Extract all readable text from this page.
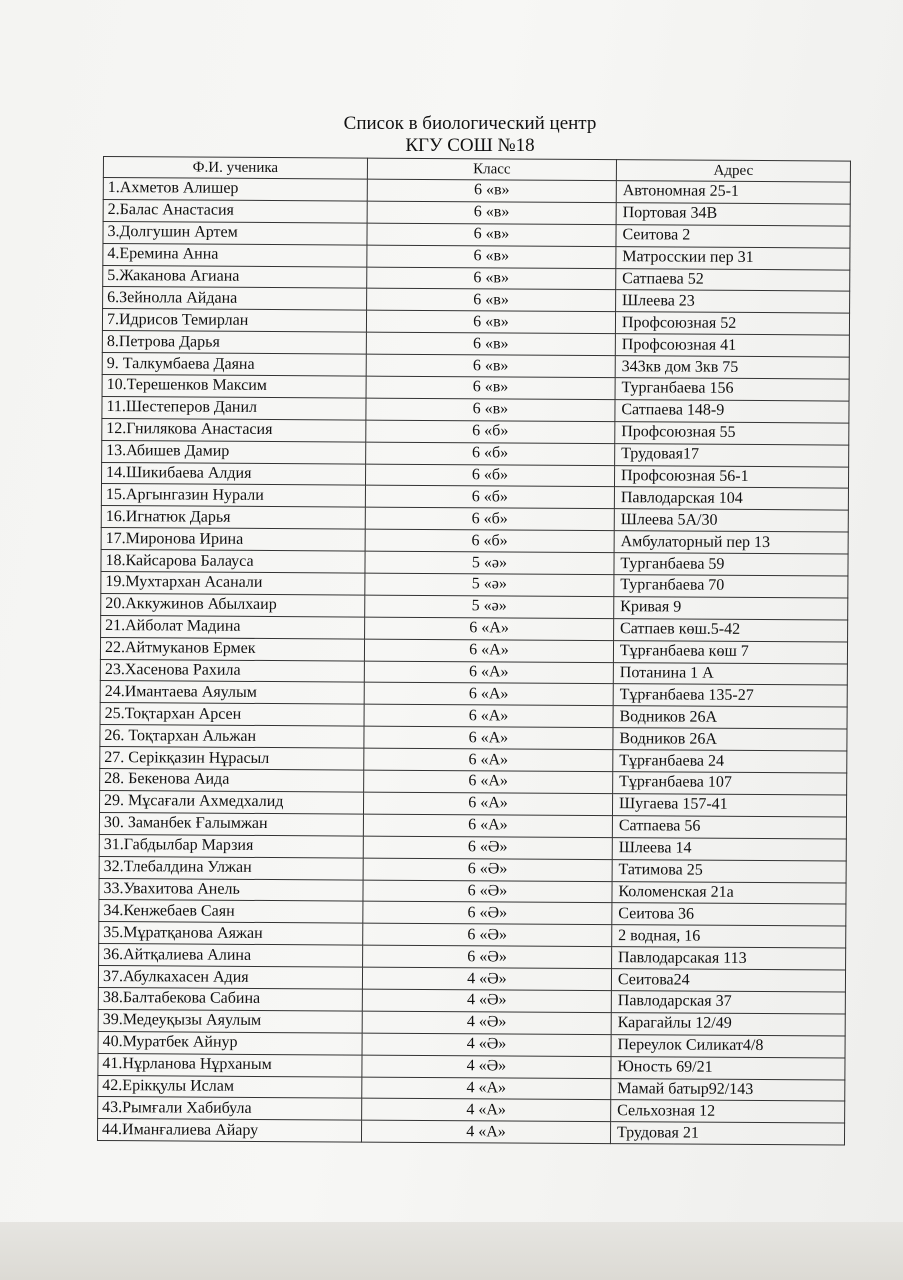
Список в биологический центр
КГУ СОШ №18
Ф.И. ученика	Класс	Адрес
1.Ахметов Алишер	6 «в»	Автономная 25-1
2.Балас Анастасия	6 «в»	Портовая 34В
3.Долгушин Артем	6 «в»	Сеитова 2
4.Еремина Анна	6 «в»	Матросскии пер 31
5.Жаканова Агиана	6 «в»	Сатпаева 52
6.Зейнолла Айдана	6 «в»	Шлеева 23
7.Идрисов Темирлан	6 «в»	Профсоюзная 52
8.Петрова Дарья	6 «в»	Профсоюзная 41
9. Талкумбаева Даяна	6 «в»	343кв дом 3кв 75
10.Терешенков Максим	6 «в»	Турганбаева 156
11.Шестеперов Данил	6 «в»	Сатпаева 148-9
12.Гнилякова Анастасия	6 «б»	Профсоюзная 55
13.Абишев Дамир	6 «б»	Трудовая17
14.Шикибаева Алдия	6 «б»	Профсоюзная 56-1
15.Аргынгазин Нурали	6 «б»	Павлодарская 104
16.Игнатюк Дарья	6 «б»	Шлеева 5А/30
17.Миронова Ирина	6 «б»	Амбулаторный пер 13
18.Кайсарова Балауса	5 «ә»	Турганбаева 59
19.Мухтархан Асанали	5 «ә»	Турганбаева 70
20.Аккужинов Абылхаир	5 «ә»	Кривая 9
21.Айболат Мадина	6 «А»	Сатпаев көш.5-42
22.Айтмуканов Ермек	6 «А»	Тұрғанбаева көш 7
23.Хасенова Рахила	6 «А»	Потанина 1 А
24.Имантаева Аяулым	6 «А»	Тұрғанбаева 135-27
25.Тоқтархан Арсен	6 «А»	Водников 26А
26. Тоқтархан Альжан	6 «А»	Водников 26А
27. Серікқазин Нұрасыл	6 «А»	Тұрғанбаева 24
28. Бекенова Аида	6 «А»	Тұрғанбаева 107
29. Мұсағали Ахмедхалид	6 «А»	Шугаева 157-41
30. Заманбек Ғалымжан	6 «А»	Сатпаева 56
31.Габдылбар Марзия	6 «Ә»	Шлеева 14
32.Тлебалдина Улжан	6 «Ә»	Татимова 25
33.Увахитова Анель	6 «Ә»	Коломенская 21а
34.Кенжебаев Саян	6 «Ә»	Сеитова 36
35.Мұратқанова Аяжан	6 «Ә»	2 водная, 16
36.Айтқалиева Алина	6 «Ә»	Павлодарсакая 113
37.Абулкахасен Адия	4 «Ә»	Сеитова24
38.Балтабекова Сабина	4 «Ә»	Павлодарская 37
39.Медеуқызы Аяулым	4 «Ә»	Карагайлы 12/49
40.Муратбек Айнур	4 «Ә»	Переулок Силикат4/8
41.Нұрланова Нұрханым	4 «Ә»	Юность 69/21
42.Ерікқулы Ислам	4 «А»	Мамай батыр92/143
43.Рымғали Хабибула	4 «А»	Сельхозная 12
44.Иманғалиева Айару	4 «А»	Трудовая 21
